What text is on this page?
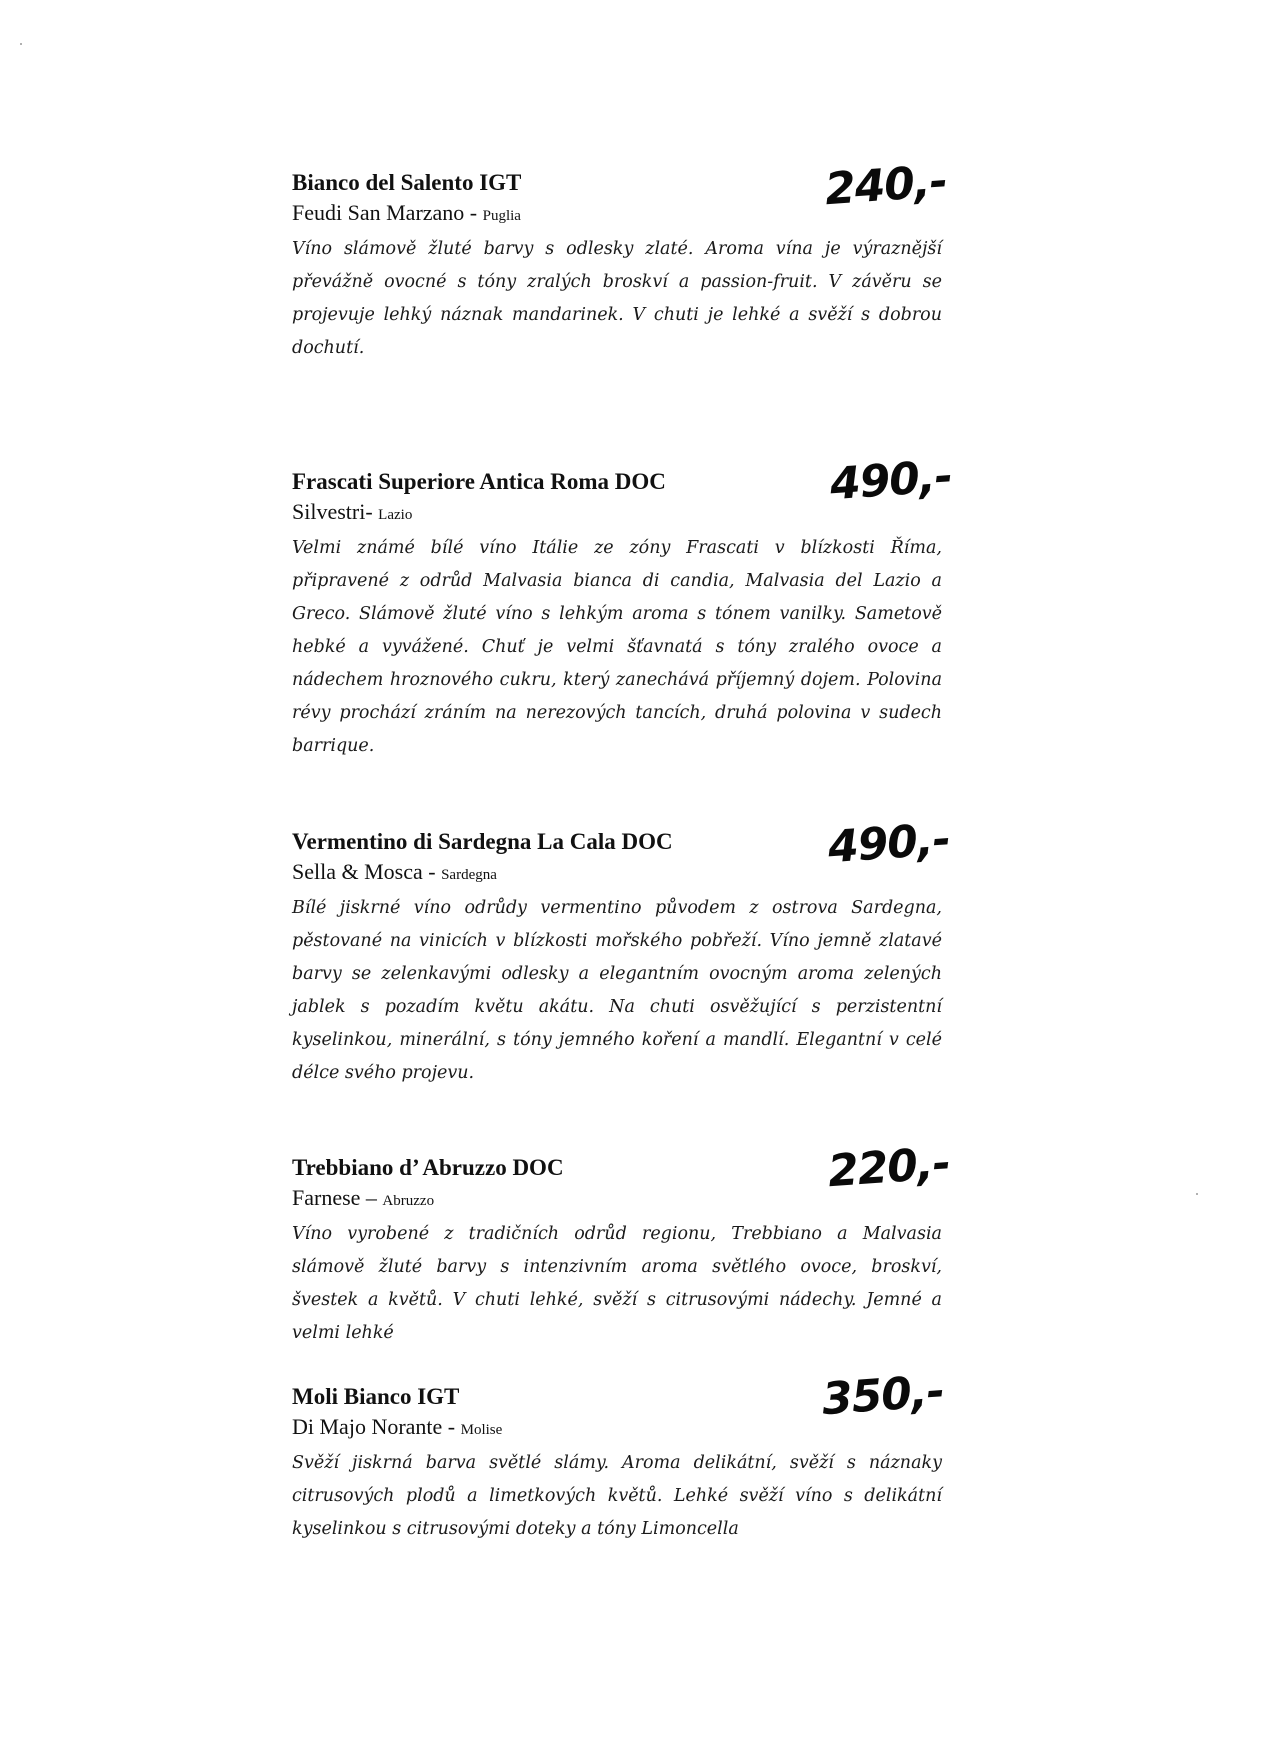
Bianco del Salento IGT

Feudi San Marzano - Puglia

Víno slámově žluté barvy s odlesky zlaté. Aroma vína je výraznější převážně ovocné s tóny zralých broskví a passion-fruit. V závěru se projevuje lehký náznak mandarinek. V chuti je lehké a svěží s dobrou dochutí.

240,-

Frascati Superiore Antica Roma DOC

Silvestri- Lazio

Velmi známé bílé víno Itálie ze zóny Frascati v blízkosti Říma, připravené z odrůd Malvasia bianca di candia, Malvasia del Lazio a Greco. Slámově žluté víno s lehkým aroma s tónem vanilky. Sametově hebké a vyvážené. Chuť je velmi šťavnatá s tóny zralého ovoce a nádechem hroznového cukru, který zanechává příjemný dojem. Polovina révy prochází zráním na nerezových tancích, druhá polovina v sudech barrique.

490,-

Vermentino di Sardegna La Cala DOC

Sella & Mosca - Sardegna

Bílé jiskrné víno odrůdy vermentino původem z ostrova Sardegna, pěstované na vinicích v blízkosti mořského pobřeží. Víno jemně zlatavé barvy se zelenkavými odlesky a elegantním ovocným aroma zelených jablek s pozadím květu akátu. Na chuti osvěžující s perzistentní kyselinkou, minerální, s tóny jemného koření a mandlí. Elegantní v celé délce svého projevu.

490,-

Trebbiano d’ Abruzzo DOC

Farnese – Abruzzo

Víno vyrobené z tradičních odrůd regionu, Trebbiano a Malvasia slámově žluté barvy s intenzivním aroma světlého ovoce, broskví, švestek a květů. V chuti lehké, svěží s citrusovými nádechy. Jemné a velmi lehké

220,-

Moli Bianco IGT

Di Majo Norante - Molise

Svěží jiskrná barva světlé slámy. Aroma delikátní, svěží s náznaky citrusových plodů a limetkových květů. Lehké svěží víno s delikátní kyselinkou s citrusovými doteky a tóny Limoncella

350,-
